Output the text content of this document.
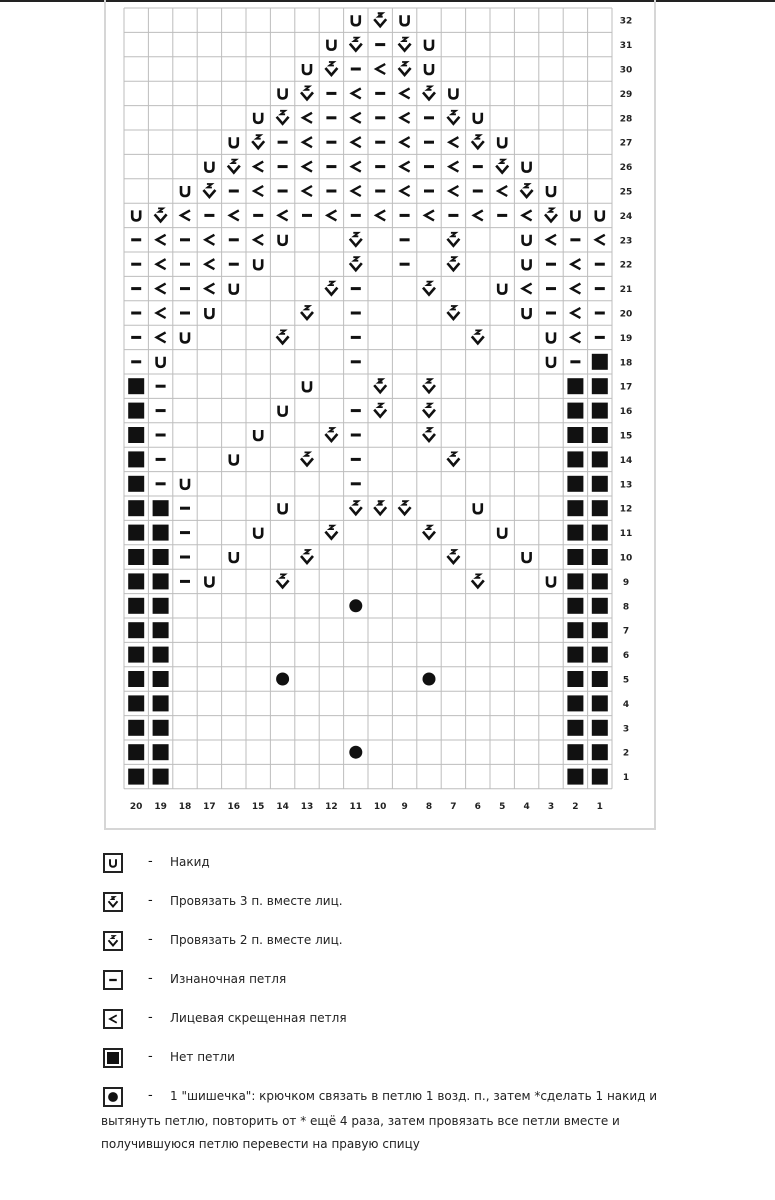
1
2
3
4
5
6
7
8
9
10
11
12
13
14
15
16
17
18
19
20
21
22
23
24
25
26
27
28
29
30
31
32
20 19 18 17 16 15 14 13 12 11 10 9 8 7 6 5 4 3 2 1
- Накид
- Провязать 3 п. вместе лиц.
- Провязать 2 п. вместе лиц.
- Изнаночная петля
- Лицевая скрещенная петля
- Нет петли
- 1 "шишечка": крючком связать в петлю 1 возд. п., затем *сделать 1 накид и
вытянуть петлю, повторить от * ещё 4 раза, затем провязать все петли вместе и
получившуюся петлю перевести на правую спицу
